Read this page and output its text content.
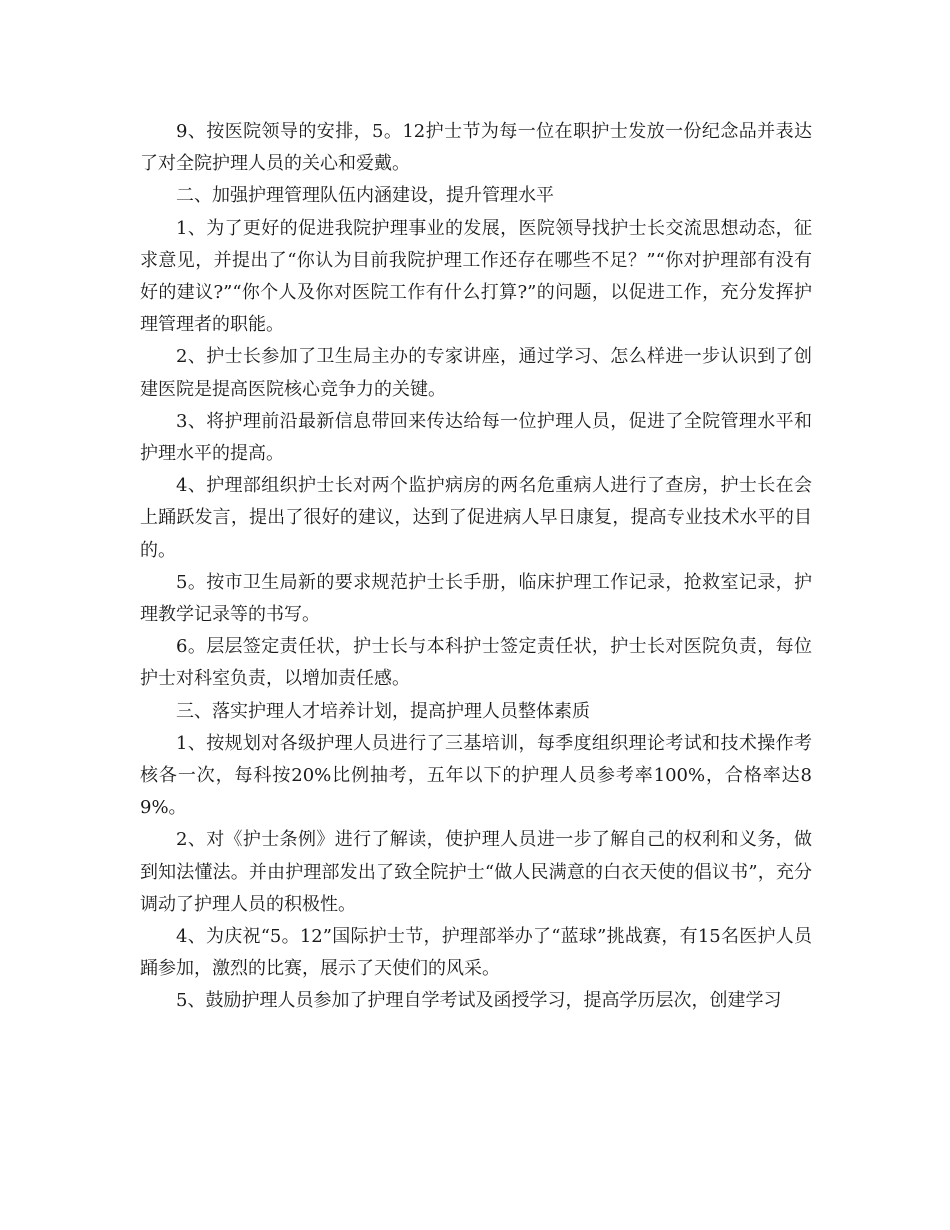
9、按医院领导的安排，5。12护士节为每一位在职护士发放一份纪念品并表达了对全院护理人员的关心和爱戴。

二、加强护理管理队伍内涵建设，提升管理水平

1、为了更好的促进我院护理事业的发展，医院领导找护士长交流思想动态，征求意见，并提出了“你认为目前我院护理工作还存在哪些不足？”“你对护理部有没有好的建议?”“你个人及你对医院工作有什么打算?”的问题，以促进工作，充分发挥护理管理者的职能。

2、护士长参加了卫生局主办的专家讲座，通过学习、怎么样进一步认识到了创建医院是提高医院核心竞争力的关键。

3、将护理前沿最新信息带回来传达给每一位护理人员，促进了全院管理水平和护理水平的提高。

4、护理部组织护士长对两个监护病房的两名危重病人进行了查房，护士长在会上踊跃发言，提出了很好的建议，达到了促进病人早日康复，提高专业技术水平的目的。

5。按市卫生局新的要求规范护士长手册，临床护理工作记录，抢救室记录，护理教学记录等的书写。

6。层层签定责任状，护士长与本科护士签定责任状，护士长对医院负责，每位护士对科室负责，以增加责任感。

三、落实护理人才培养计划，提高护理人员整体素质

1、按规划对各级护理人员进行了三基培训，每季度组织理论考试和技术操作考核各一次，每科按20%比例抽考，五年以下的护理人员参考率100%，合格率达89%。

2、对《护士条例》进行了解读，使护理人员进一步了解自己的权利和义务，做到知法懂法。并由护理部发出了致全院护士“做人民满意的白衣天使的倡议书”，充分调动了护理人员的积极性。

4、为庆祝“5。12”国际护士节，护理部举办了“蓝球”挑战赛，有15名医护人员踊参加，激烈的比赛，展示了天使们的风采。

5、鼓励护理人员参加了护理自学考试及函授学习，提高学历层次，创建学习
